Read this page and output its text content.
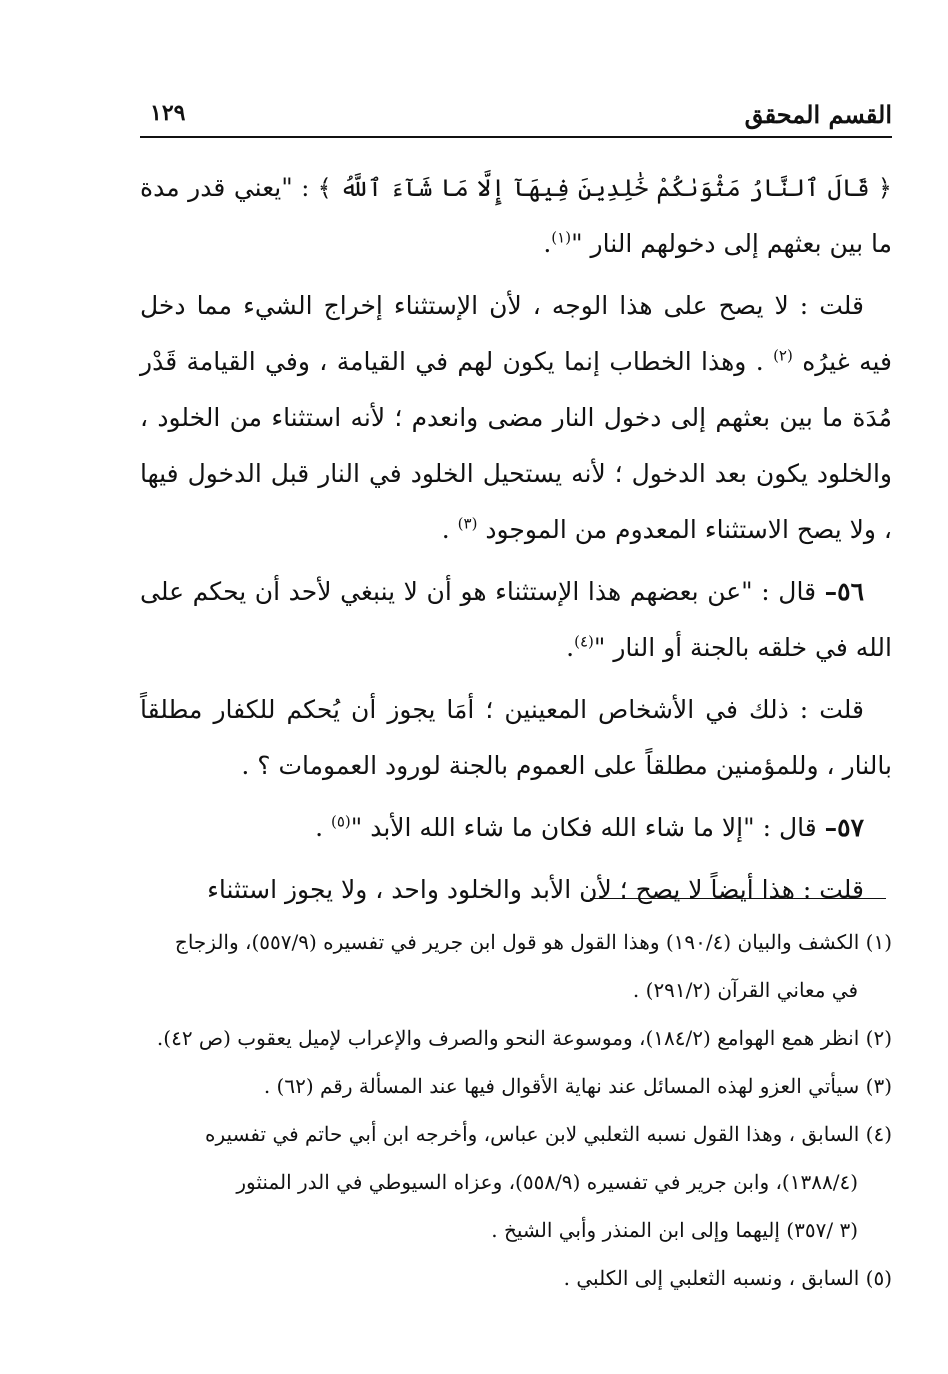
القسم المحقق
١٢٩

﴿ قَالَ ٱلنَّارُ مَثْوَىٰكُمْ خَٰلِدِينَ فِيهَآ إِلَّا مَا شَآءَ ٱللَّهُ ﴾ : "يعني قدر مدة ما بين بعثهم إلى دخولهم النار "$^{(١)}$.

قلت : لا يصح على هذا الوجه ، لأن الإستثناء إخراج الشيء مما دخل فيه غيرُه $^{(٢)}$ . وهذا الخطاب إنما يكون لهم في القيامة ، وفي القيامة قَدْر مُدَة ما بين بعثهم إلى دخول النار مضى وانعدم ؛ لأنه استثناء من الخلود ، والخلود يكون بعد الدخول ؛ لأنه يستحيل الخلود في النار قبل الدخول فيها ، ولا يصح الاستثناء المعدوم من الموجود $^{(٣)}$ .

٥٦– قال : "عن بعضهم هذا الإستثناء هو أن لا ينبغي لأحد أن يحكم على الله في خلقه بالجنة أو النار "$^{(٤)}$.

قلت : ذلك في الأشخاص المعينين ؛ أمَا يجوز أن يُحكم للكفار مطلقاً بالنار ، وللمؤمنين مطلقاً على العموم بالجنة لورود العمومات ؟ .

٥٧– قال : "إلا ما شاء الله فكان ما شاء الله الأبد "$^{(٥)}$ .

قلت : هذا أيضاً لا يصح ؛ لأن الأبد والخلود واحد ، ولا يجوز استثناء

(١) الكشف والبيان (١٩٠/٤) وهذا القول هو قول ابن جرير في تفسيره (٥٥٧/٩)، والزجاج
في معاني القرآن (٢٩١/٢) .

(٢) انظر همع الهوامع (١٨٤/٢)، وموسوعة النحو والصرف والإعراب لإميل يعقوب (ص ٤٢).

(٣) سيأتي العزو لهذه المسائل عند نهاية الأقوال فيها عند المسألة رقم (٦٢) .

(٤) السابق ، وهذا القول نسبه الثعلبي لابن عباس، وأخرجه ابن أبي حاتم في تفسيره
(١٣٨٨/٤)، وابن جرير في تفسيره (٥٥٨/٩)، وعزاه السيوطي في الدر المنثور
(٣ /٣٥٧) إليهما وإلى ابن المنذر وأبي الشيخ .

(٥) السابق ، ونسبه الثعلبي إلى الكلبي .
